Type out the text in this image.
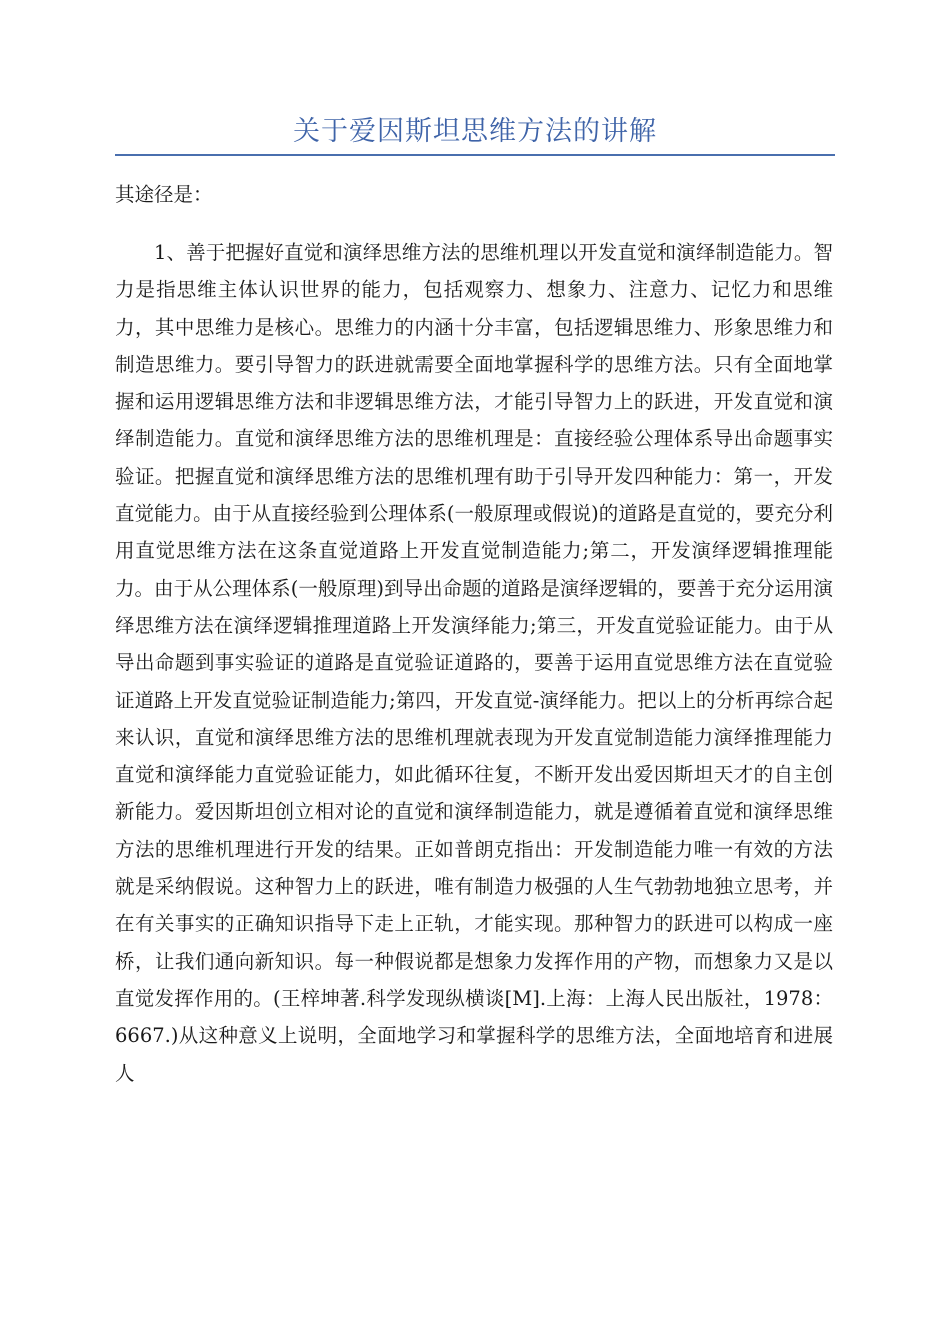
关于爱因斯坦思维方法的讲解
其途径是：

1、善于把握好直觉和演绎思维方法的思维机理以开发直觉和演绎制造能力。智力是指思维主体认识世界的能力，包括观察力、想象力、注意力、记忆力和思维力，其中思维力是核心。思维力的内涵十分丰富，包括逻辑思维力、形象思维力和制造思维力。要引导智力的跃进就需要全面地掌握科学的思维方法。只有全面地掌握和运用逻辑思维方法和非逻辑思维方法，才能引导智力上的跃进，开发直觉和演绎制造能力。直觉和演绎思维方法的思维机理是：直接经验公理体系导出命题事实验证。把握直觉和演绎思维方法的思维机理有助于引导开发四种能力：第一，开发直觉能力。由于从直接经验到公理体系(一般原理或假说)的道路是直觉的，要充分利用直觉思维方法在这条直觉道路上开发直觉制造能力;第二，开发演绎逻辑推理能力。由于从公理体系(一般原理)到导出命题的道路是演绎逻辑的，要善于充分运用演绎思维方法在演绎逻辑推理道路上开发演绎能力;第三，开发直觉验证能力。由于从导出命题到事实验证的道路是直觉验证道路的，要善于运用直觉思维方法在直觉验证道路上开发直觉验证制造能力;第四，开发直觉-演绎能力。把以上的分析再综合起来认识，直觉和演绎思维方法的思维机理就表现为开发直觉制造能力演绎推理能力直觉和演绎能力直觉验证能力，如此循环往复，不断开发出爱因斯坦天才的自主创新能力。爱因斯坦创立相对论的直觉和演绎制造能力，就是遵循着直觉和演绎思维方法的思维机理进行开发的结果。正如普朗克指出：开发制造能力唯一有效的方法就是采纳假说。这种智力上的跃进，唯有制造力极强的人生气勃勃地独立思考，并在有关事实的正确知识指导下走上正轨，才能实现。那种智力的跃进可以构成一座桥，让我们通向新知识。每一种假说都是想象力发挥作用的产物，而想象力又是以直觉发挥作用的。(王梓坤著.科学发现纵横谈[M].上海：上海人民出版社，1978：6667.)从这种意义上说明，全面地学习和掌握科学的思维方法，全面地培育和进展人
